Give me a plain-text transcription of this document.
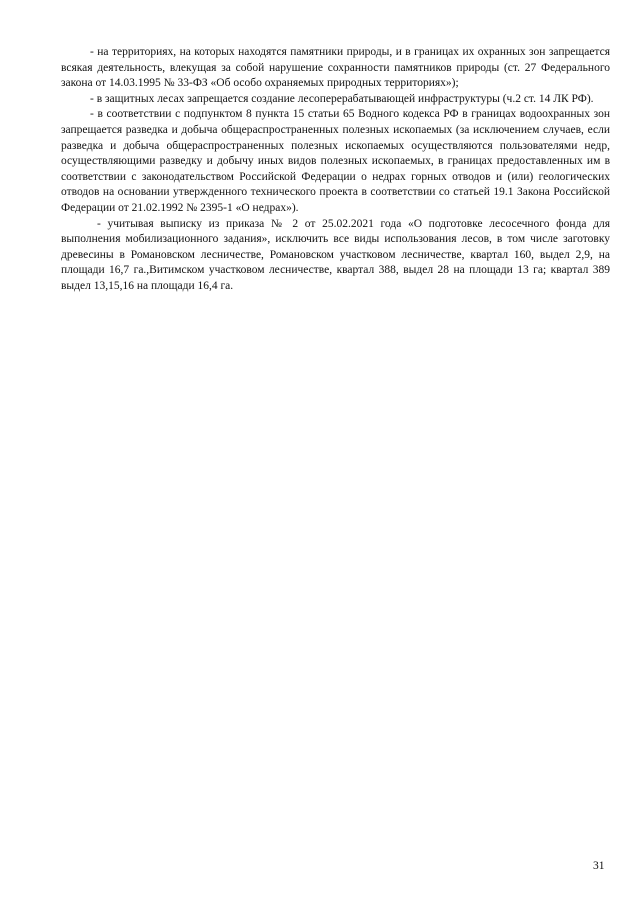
- на территориях, на которых находятся памятники природы, и в границах их охранных зон запрещается всякая деятельность, влекущая за собой нарушение сохранности памятников природы (ст. 27 Федерального закона от 14.03.1995 № 33-ФЗ «Об особо охраняемых природных территориях»);

- в защитных лесах запрещается создание лесоперерабатывающей инфраструктуры (ч.2 ст. 14 ЛК РФ).

- в соответствии с подпунктом 8 пункта 15 статьи 65 Водного кодекса РФ в границах водоохранных зон запрещается разведка и добыча общераспространенных полезных ископаемых (за исключением случаев, если разведка и добыча общераспространенных полезных ископаемых осуществляются пользователями недр, осуществляющими разведку и добычу иных видов полезных ископаемых, в границах предоставленных им в соответствии с законодательством Российской Федерации о недрах горных отводов и (или) геологических отводов на основании утвержденного технического проекта в соответствии со статьей 19.1 Закона Российской Федерации от 21.02.1992 № 2395-1 «О недрах»).

- учитывая выписку из приказа № 2 от 25.02.2021 года «О подготовке лесосечного фонда для выполнения мобилизационного задания», исключить все виды использования лесов, в том числе заготовку древесины в Романовском лесничестве, Романовском участковом лесничестве, квартал 160, выдел 2,9, на площади 16,7 га.,Витимском участковом лесничестве, квартал 388, выдел 28 на площади 13 га; квартал 389 выдел 13,15,16 на площади 16,4 га.

31
